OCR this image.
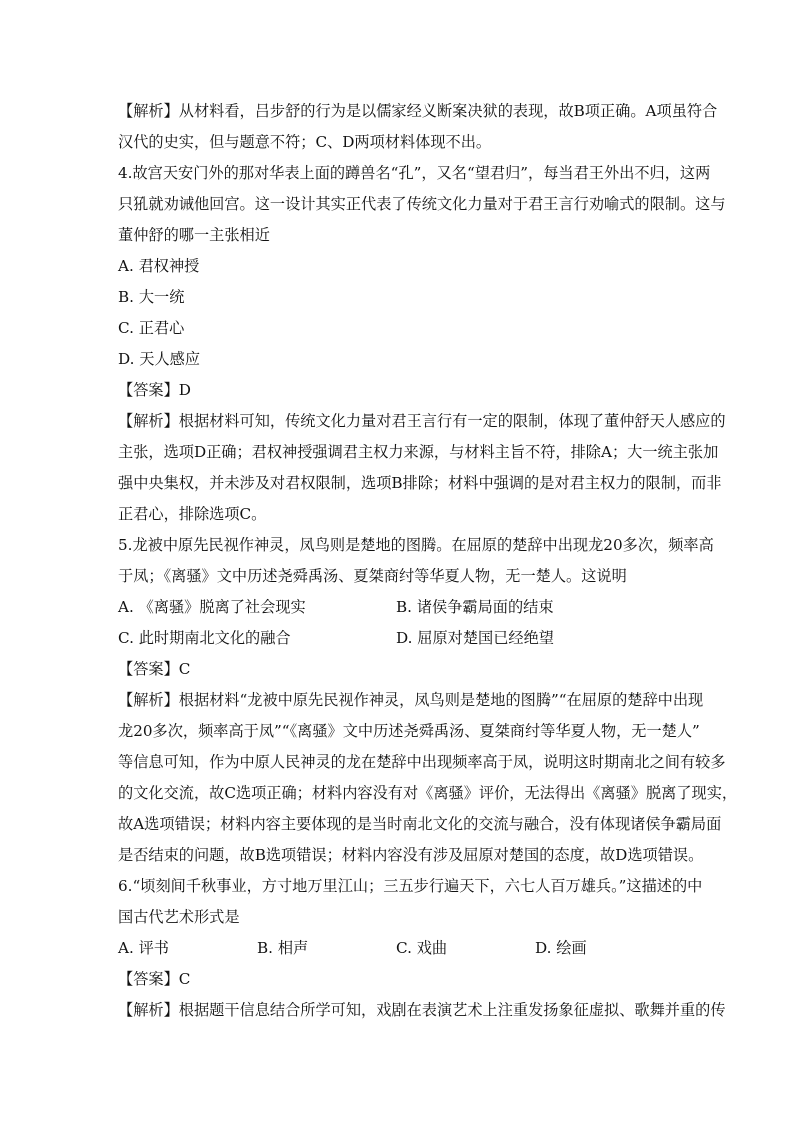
【解析】从材料看，吕步舒的行为是以儒家经义断案决狱的表现，故B项正确。A项虽符合
汉代的史实，但与题意不符；C、D两项材料体现不出。
4.故宫天安门外的那对华表上面的蹲兽名“孔”，又名“望君归”，每当君王外出不归，这两
只犼就劝诫他回宫。这一设计其实正代表了传统文化力量对于君王言行劝喻式的限制。这与
董仲舒的哪一主张相近
A. 君权神授
B. 大一统
C. 正君心
D. 天人感应
【答案】D
【解析】根据材料可知，传统文化力量对君王言行有一定的限制，体现了董仲舒天人感应的
主张，选项D正确；君权神授强调君主权力来源，与材料主旨不符，排除A；大一统主张加
强中央集权，并未涉及对君权限制，选项B排除；材料中强调的是对君主权力的限制，而非
正君心，排除选项C。
5.龙被中原先民视作神灵，凤鸟则是楚地的图腾。在屈原的楚辞中出现龙20多次，频率高
于凤；《离骚》文中历述尧舜禹汤、夏桀商纣等华夏人物，无一楚人。这说明
A. 《离骚》脱离了社会现实	B. 诸侯争霸局面的结束
C. 此时期南北文化的融合	D. 屈原对楚国已经绝望
【答案】C
【解析】根据材料“龙被中原先民视作神灵，凤鸟则是楚地的图腾”“在屈原的楚辞中出现
龙20多次，频率高于凤”“《离骚》文中历述尧舜禹汤、夏桀商纣等华夏人物，无一楚人”
等信息可知，作为中原人民神灵的龙在楚辞中出现频率高于凤，说明这时期南北之间有较多
的文化交流，故C选项正确；材料内容没有对《离骚》评价，无法得出《离骚》脱离了现实，
故A选项错误；材料内容主要体现的是当时南北文化的交流与融合，没有体现诸侯争霸局面
是否结束的问题，故B选项错误；材料内容没有涉及屈原对楚国的态度，故D选项错误。
6.“顷刻间千秋事业，方寸地万里江山；三五步行遍天下，六七人百万雄兵。”这描述的中
国古代艺术形式是
A. 评书	B. 相声	C. 戏曲	D. 绘画
【答案】C
【解析】根据题干信息结合所学可知，戏剧在表演艺术上注重发扬象征虚拟、歌舞并重的传
